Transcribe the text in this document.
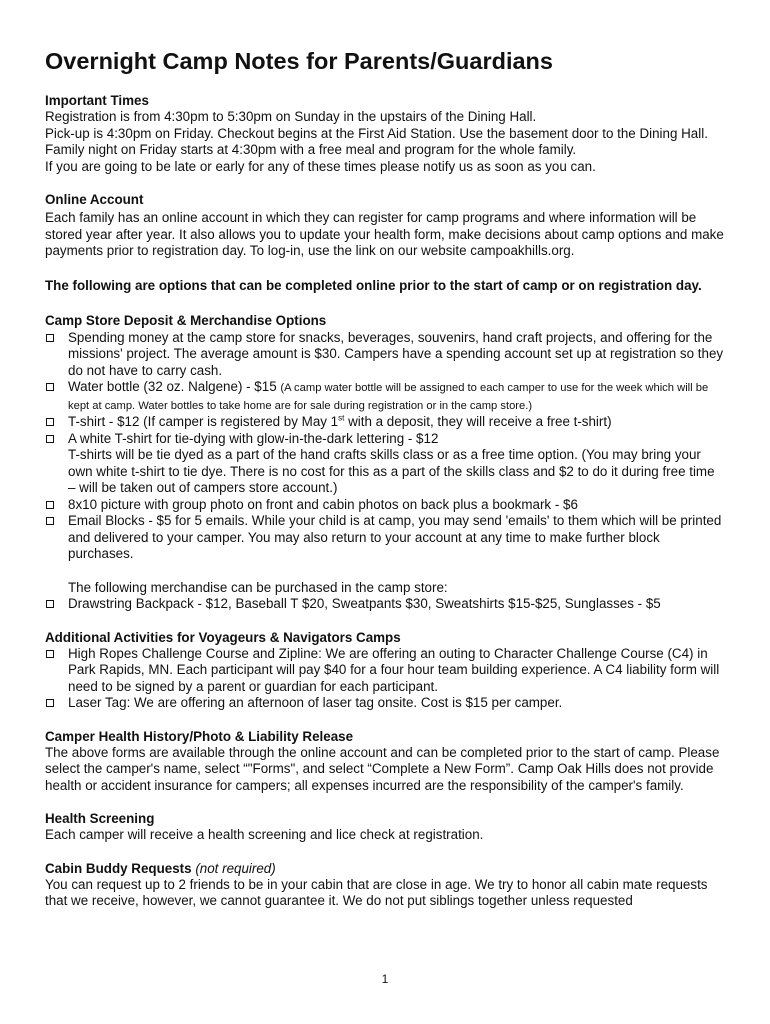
Overnight Camp Notes for Parents/Guardians
Important Times

Registration is from 4:30pm to 5:30pm on Sunday in the upstairs of the Dining Hall.

Pick-up is 4:30pm on Friday. Checkout begins at the First Aid Station. Use the basement door to the Dining Hall. Family night on Friday starts at 4:30pm with a free meal and program for the whole family.

If you are going to be late or early for any of these times please notify us as soon as you can.

Online Account

Each family has an online account in which they can register for camp programs and where information will be stored year after year. It also allows you to update your health form, make decisions about camp options and make payments prior to registration day. To log-in, use the link on our website campoakhills.org.

The following are options that can be completed online prior to the start of camp or on registration day.
Camp Store Deposit & Merchandise Options
Spending money at the camp store for snacks, beverages, souvenirs, hand craft projects, and offering for the missions' project. The average amount is $30. Campers have a spending account set up at registration so they do not have to carry cash.
Water bottle (32 oz. Nalgene) - $15 (A camp water bottle will be assigned to each camper to use for the week which will be kept at camp. Water bottles to take home are for sale during registration or in the camp store.)
T-shirt - $12 (If camper is registered by May 1st with a deposit, they will receive a free t-shirt)
A white T-shirt for tie-dying with glow-in-the-dark lettering - $12
T-shirts will be tie dyed as a part of the hand crafts skills class or as a free time option. (You may bring your own white t-shirt to tie dye. There is no cost for this as a part of the skills class and $2 to do it during free time – will be taken out of campers store account.)
8x10 picture with group photo on front and cabin photos on back plus a bookmark - $6
Email Blocks - $5 for 5 emails. While your child is at camp, you may send 'emails' to them which will be printed and delivered to your camper. You may also return to your account at any time to make further block purchases.
The following merchandise can be purchased in the camp store:
Drawstring Backpack - $12, Baseball T $20, Sweatpants $30, Sweatshirts $15-$25, Sunglasses - $5
Additional Activities for Voyageurs & Navigators Camps
High Ropes Challenge Course and Zipline: We are offering an outing to Character Challenge Course (C4) in Park Rapids, MN. Each participant will pay $40 for a four hour team building experience. A C4 liability form will need to be signed by a parent or guardian for each participant.
Laser Tag: We are offering an afternoon of laser tag onsite. Cost is $15 per camper.
Camper Health History/Photo & Liability Release

The above forms are available through the online account and can be completed prior to the start of camp. Please select the camper's name, select “"Forms", and select “Complete a New Form”. Camp Oak Hills does not provide health or accident insurance for campers; all expenses incurred are the responsibility of the camper's family.

Health Screening

Each camper will receive a health screening and lice check at registration.

Cabin Buddy Requests (not required)

You can request up to 2 friends to be in your cabin that are close in age. We try to honor all cabin mate requests that we receive, however, we cannot guarantee it. We do not put siblings together unless requested

1
